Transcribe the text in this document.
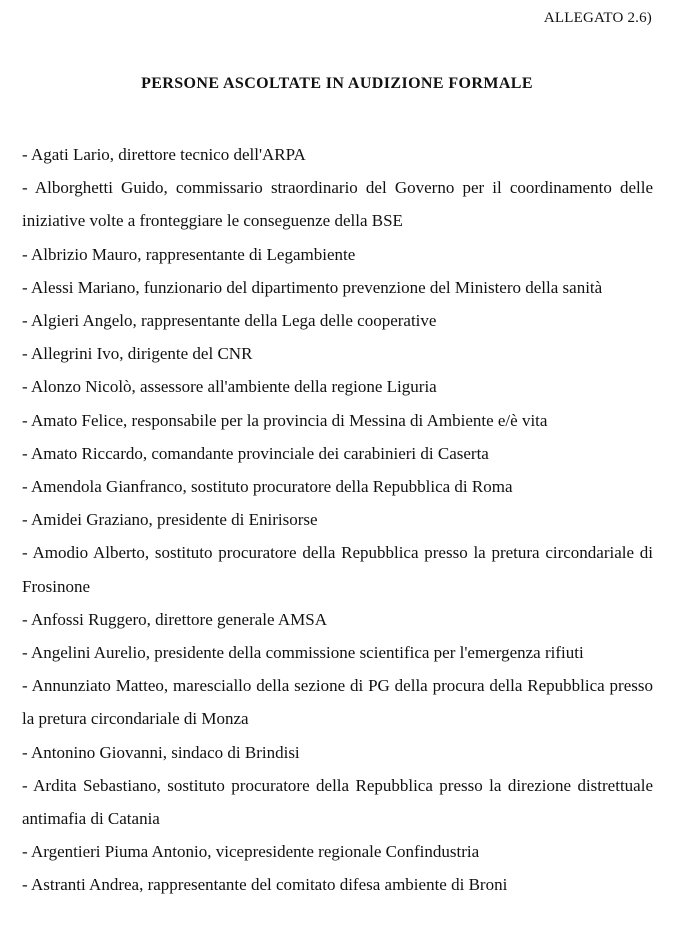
ALLEGATO 2.6)
PERSONE ASCOLTATE IN AUDIZIONE FORMALE
- Agati Lario, direttore tecnico dell'ARPA
- Alborghetti Guido, commissario straordinario del Governo per il coordinamento delle iniziative volte a fronteggiare le conseguenze della BSE
- Albrizio Mauro, rappresentante di Legambiente
- Alessi Mariano, funzionario del dipartimento prevenzione del Ministero della sanità
- Algieri Angelo, rappresentante della Lega delle cooperative
- Allegrini Ivo, dirigente del CNR
- Alonzo Nicolò, assessore all'ambiente della regione Liguria
- Amato Felice, responsabile per la provincia di Messina di Ambiente e/è vita
- Amato Riccardo, comandante provinciale dei carabinieri di Caserta
- Amendola Gianfranco, sostituto procuratore della Repubblica di Roma
- Amidei Graziano, presidente di Enirisorse
- Amodio Alberto, sostituto procuratore della Repubblica presso la pretura circondariale di Frosinone
- Anfossi Ruggero, direttore generale AMSA
- Angelini Aurelio, presidente della commissione scientifica per l'emergenza rifiuti
- Annunziato Matteo, maresciallo della sezione di PG della procura della Repubblica presso la pretura circondariale di Monza
- Antonino Giovanni, sindaco di Brindisi
- Ardita Sebastiano, sostituto procuratore della Repubblica presso la direzione distrettuale antimafia di Catania
- Argentieri Piuma Antonio, vicepresidente regionale Confindustria
- Astranti Andrea, rappresentante del comitato difesa ambiente di Broni
